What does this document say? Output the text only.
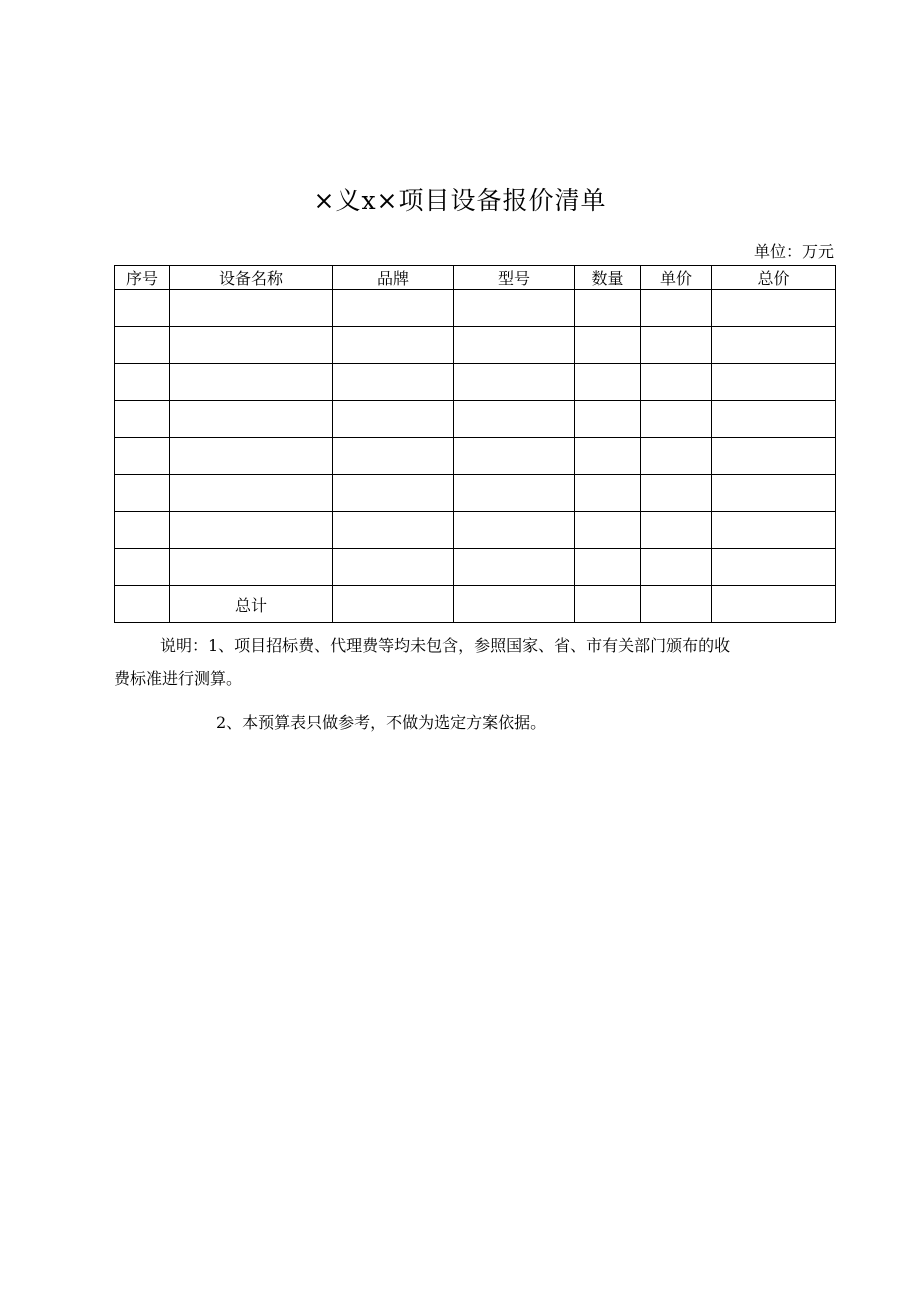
×义x×项目设备报价清单
单位：万元
序号	设备名称	品牌	型号	数量	单价	总价

	总计					
说明：1、项目招标费、代理费等均未包含，参照国家、省、市有关部门颁布的收
费标准进行测算。
2、本预算表只做参考，不做为选定方案依据。
